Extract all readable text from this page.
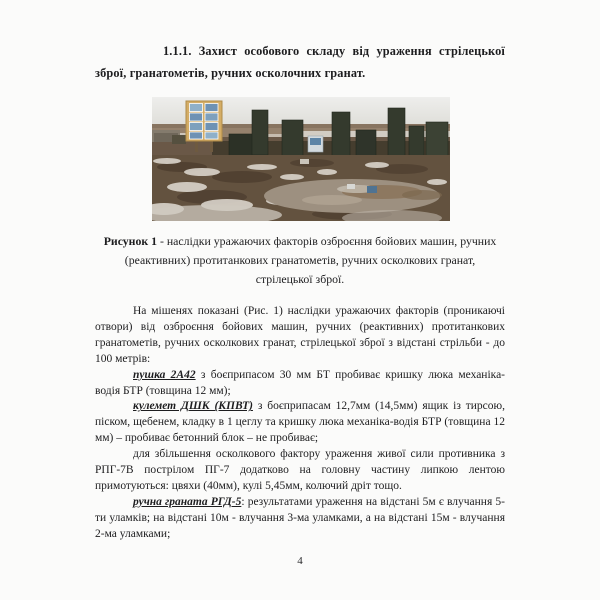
1.1.1. Захист особового складу від ураження стрілецької зброї, гранатометів, ручних осколочних гранат.

Рисунок 1 - наслідки уражаючих факторів озброєння бойових машин, ручних (реактивних) протитанкових гранатометів, ручних осколкових гранат, стрілецької зброї.

На мішенях показані (Рис. 1) наслідки уражаючих факторів (проникаючі отвори) від озброєння бойових машин, ручних (реактивних) протитанкових гранатометів, ручних осколкових гранат, стрілецької зброї з відстані стрільби - до 100 метрів:

пушка 2А42 з боєприпасом 30 мм БТ пробиває кришку люка механіка-водія БТР (товщина 12 мм);

кулемет ДШК (КПВТ) з боєприпасам 12,7мм (14,5мм) ящик із тирсою, піском, щебенем, кладку в 1 цеглу та кришку люка механіка-водія БТР (товщина 12 мм) – пробиває бетонний блок – не пробиває;

для збільшення осколкового фактору ураження живої сили противника з РПГ-7В пострілом ПГ-7 додатково на головну частину липкою лентою примотуються: цвяхи (40мм), кулі 5,45мм, колючий дріт тощо.

ручна граната РГД-5: результатами ураження на відстані 5м є влучання 5-ти уламків; на відстані 10м - влучання 3-ма уламками, а на відстані 15м - влучання 2-ма уламками;

4
